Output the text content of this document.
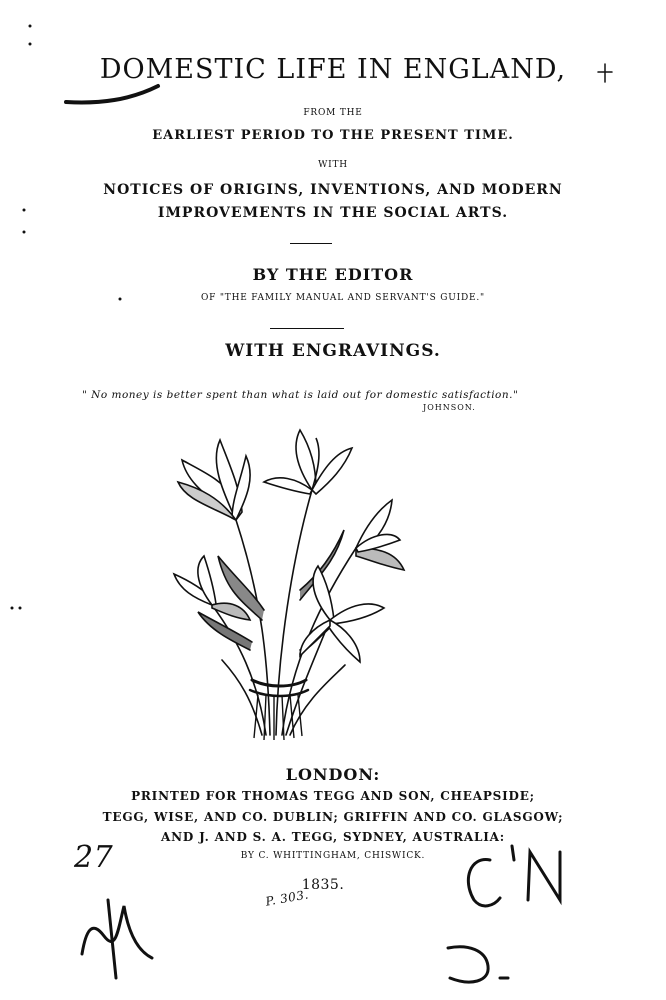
DOMESTIC LIFE IN ENGLAND,
FROM THE
EARLIEST PERIOD TO THE PRESENT TIME.
WITH
NOTICES OF ORIGINS, INVENTIONS, AND MODERN
IMPROVEMENTS IN THE SOCIAL ARTS.
BY THE EDITOR
OF "THE FAMILY MANUAL AND SERVANT'S GUIDE."
WITH ENGRAVINGS.
" No money is better spent than what is laid out for domestic satisfaction."
JOHNSON.
LONDON:
PRINTED FOR THOMAS TEGG AND SON, CHEAPSIDE;
TEGG, WISE, AND CO. DUBLIN; GRIFFIN AND CO. GLASGOW;
AND J. AND S. A. TEGG, SYDNEY, AUSTRALIA:
BY C. WHITTINGHAM, CHISWICK.
1835.
27
P. 303.
C'N
D.
